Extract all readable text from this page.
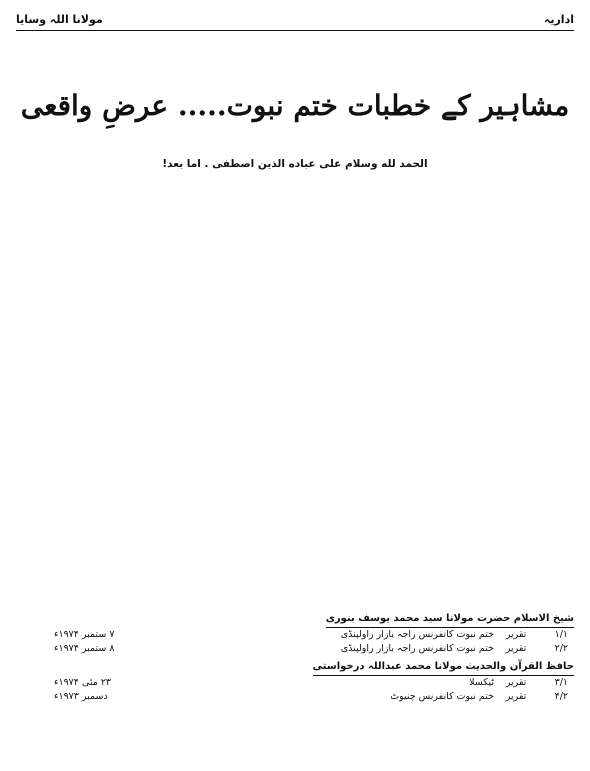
مولانا اللہ وسایا	اداریہ
مشاہیر کے خطبات ختم نبوت..... عرضِ واقعی
الحمد لله وسلام على عباده الذين اصطفى . اما بعد!
شیخ الاسلام حضرت مولانا سید محمد یوسف بنوری
۱/۱
تقریر
ختم نبوت کانفرنس راجہ بازار راولپنڈی
۷ ستمبر ۱۹۷۴ء
۲/۲
تقریر
ختم نبوت کانفرنس راجہ بازار راولپنڈی
۸ ستمبر ۱۹۷۴ء
حافظ القرآن والحدیث مولانا محمد عبداللہ درخواستی
۳/۱
تقریر
ٹیکسلا
۲۳ مئی ۱۹۷۴ء
۴/۲
تقریر
ختم نبوت کانفرنس چنیوٹ
دسمبر ۱۹۷۳ء
